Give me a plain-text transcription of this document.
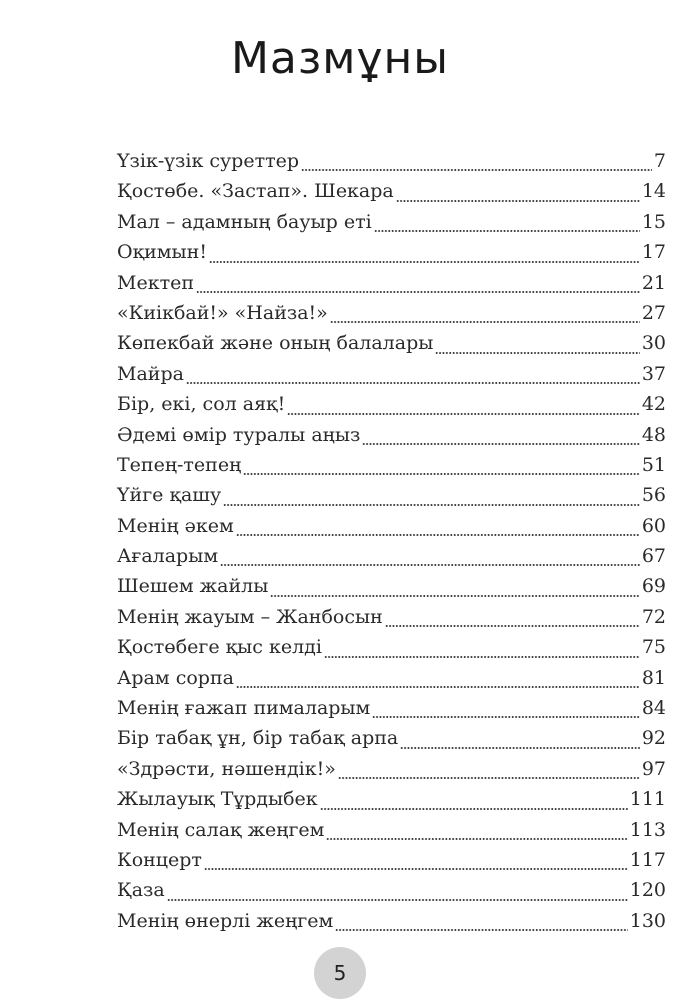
Мазмұны
Үзік-үзік суреттер	7
Қостөбе. «Застап». Шекара	14
Мал – адамның бауыр еті	15
Оқимын!	17
Мектеп	21
«Киікбай!» «Найза!»	27
Көпекбай және оның балалары	30
Майра	37
Бір, екі, сол аяқ!	42
Әдемі өмір туралы аңыз	48
Тепең-тепең	51
Үйге қашу	56
Менің әкем	60
Ағаларым	67
Шешем жайлы	69
Менің жауым – Жанбосын	72
Қостөбеге қыс келді	75
Арам сорпа	81
Менің ғажап пималарым	84
Бір табақ ұн, бір табақ арпа	92
«Здрәсти, нәшендік!»	97
Жылауық Тұрдыбек	111
Менің салақ жеңгем	113
Концерт	117
Қаза	120
Менің өнерлі жеңгем	130
5
